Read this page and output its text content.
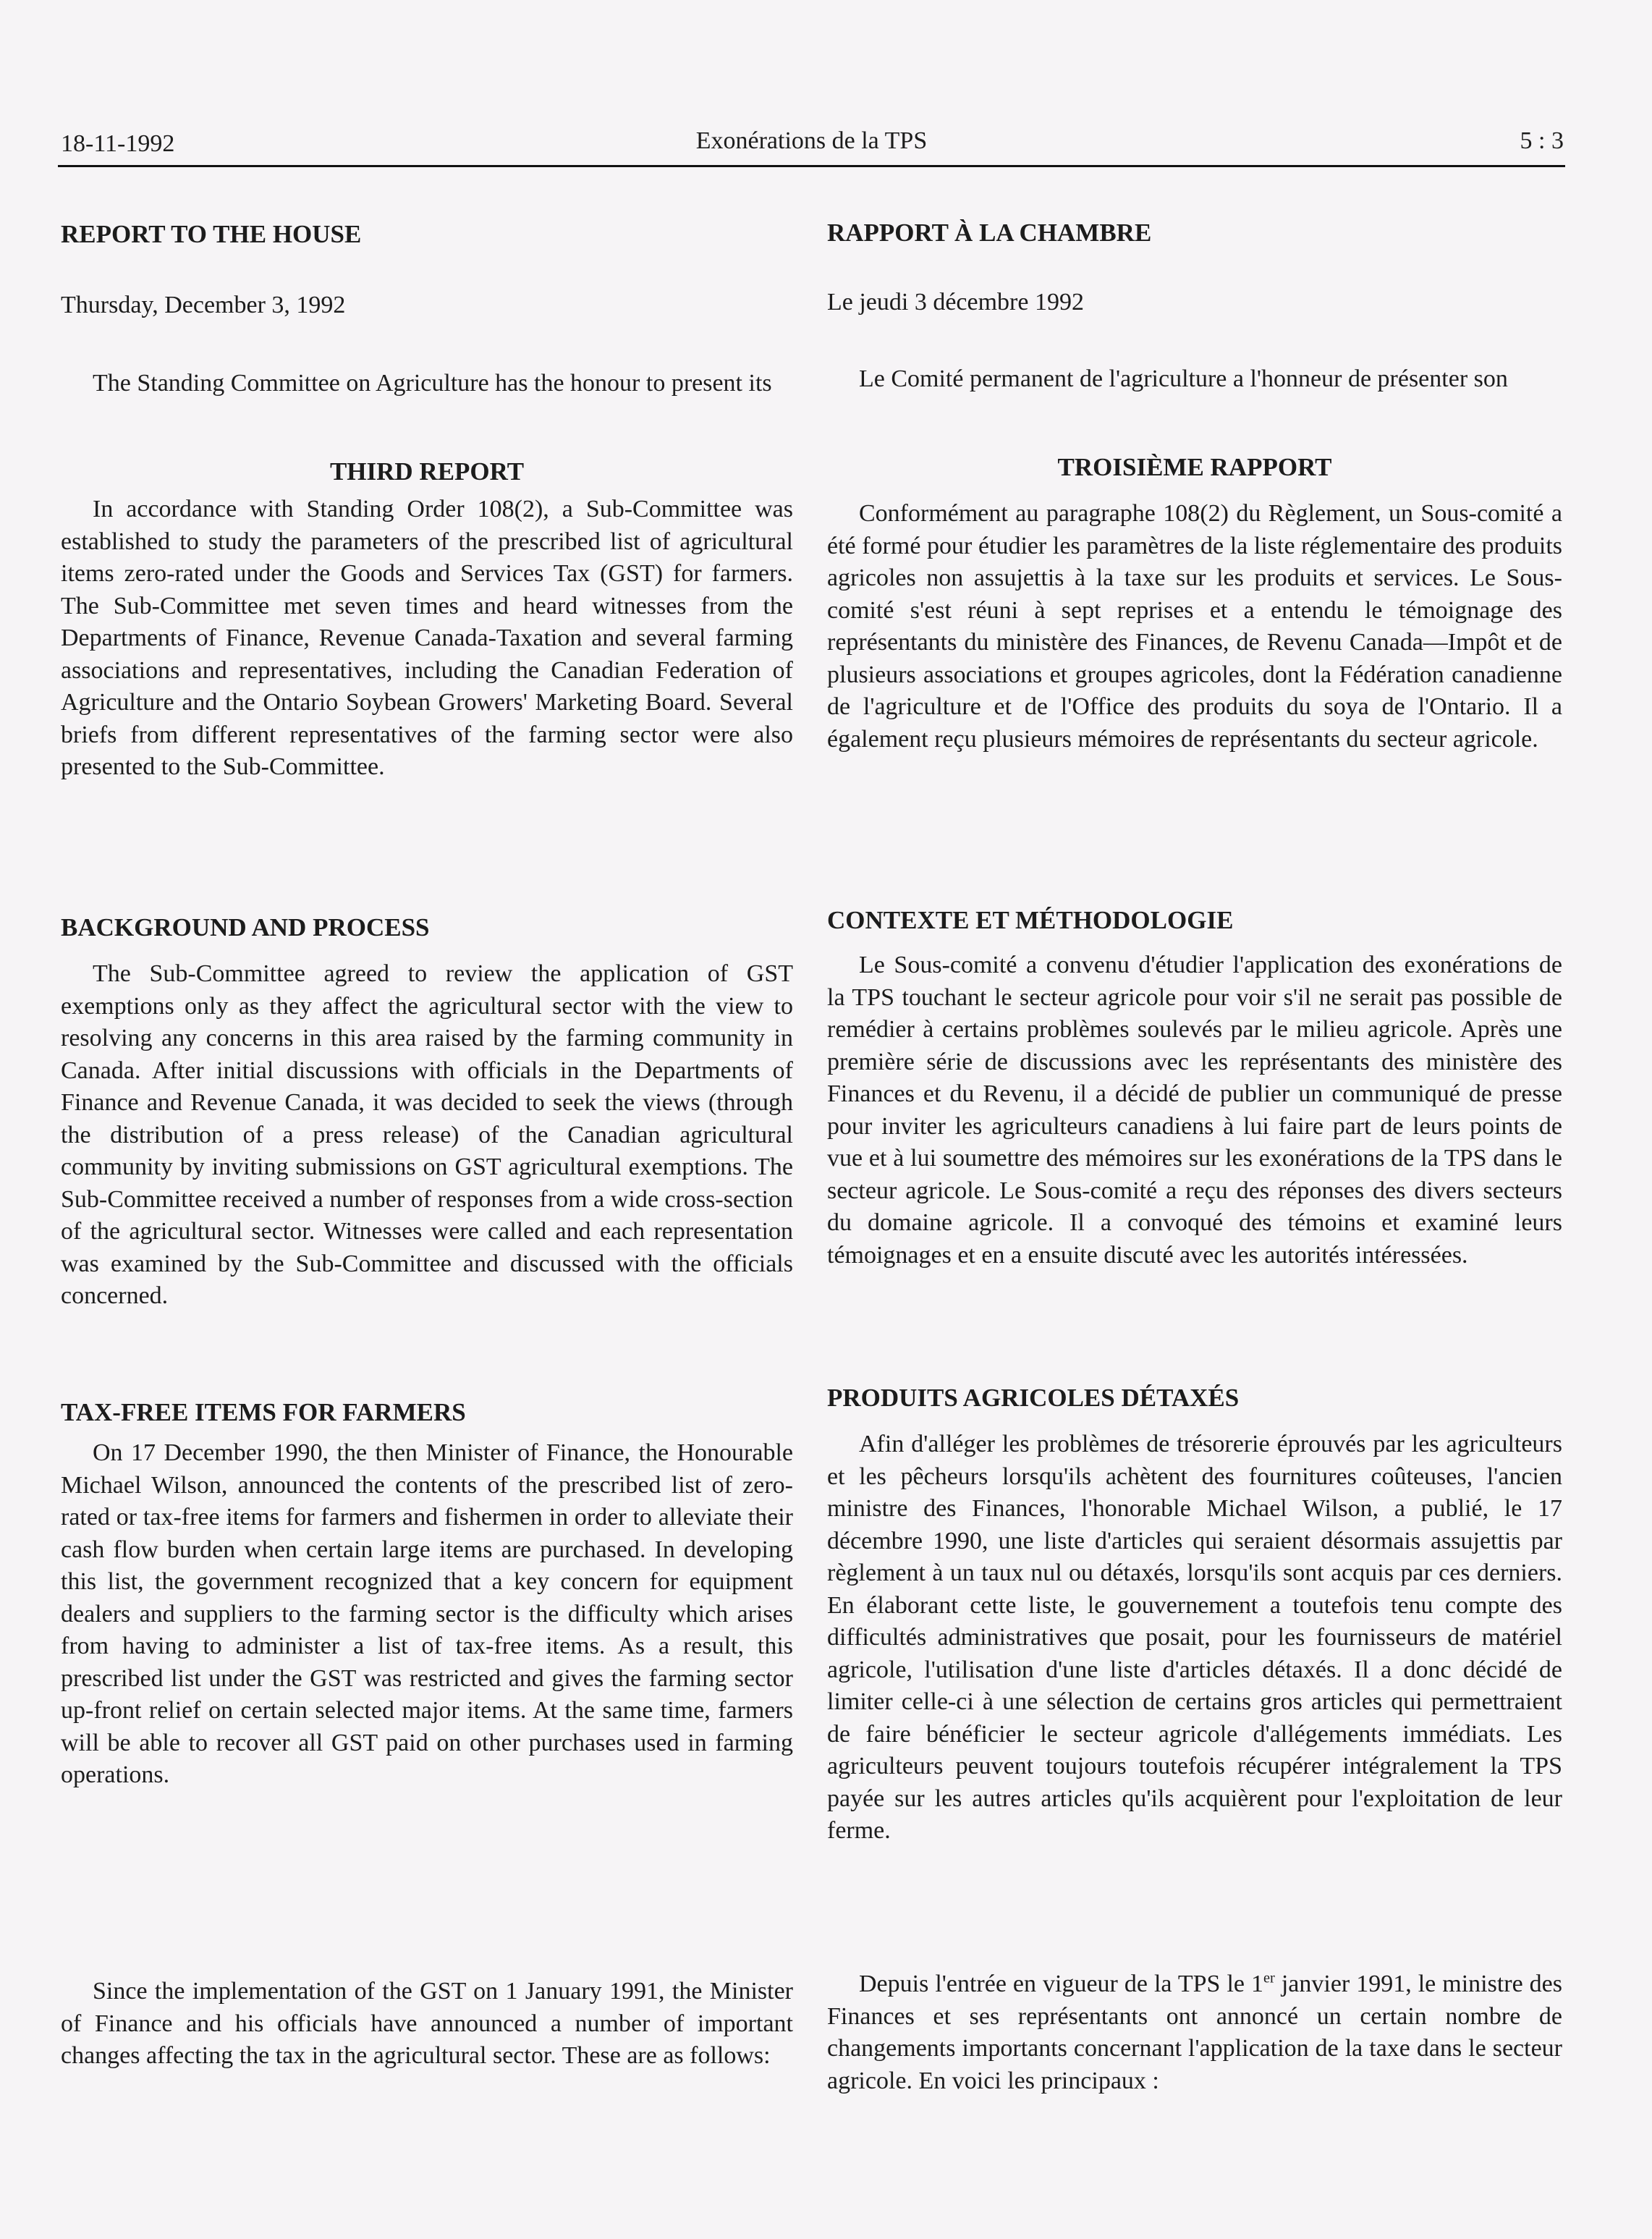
18-11-1992	Exonérations de la TPS	5 : 3

REPORT TO THE HOUSE

Thursday, December 3, 1992

The Standing Committee on Agriculture has the honour to present its

THIRD REPORT

In accordance with Standing Order 108(2), a Sub-Committee was established to study the parameters of the prescribed list of agricultural items zero-rated under the Goods and Services Tax (GST) for farmers. The Sub-Committee met seven times and heard witnesses from the Departments of Finance, Revenue Canada-Taxation and several farming associations and representatives, including the Canadian Federation of Agriculture and the Ontario Soybean Growers' Marketing Board. Several briefs from different representatives of the farming sector were also presented to the Sub-Committee.

BACKGROUND AND PROCESS

The Sub-Committee agreed to review the application of GST exemptions only as they affect the agricultural sector with the view to resolving any concerns in this area raised by the farming community in Canada. After initial discussions with officials in the Departments of Finance and Revenue Canada, it was decided to seek the views (through the distribution of a press release) of the Canadian agricultural community by inviting submissions on GST agricultural exemptions. The Sub-Committee received a number of responses from a wide cross-section of the agricultural sector. Witnesses were called and each representation was examined by the Sub-Committee and discussed with the officials concerned.

TAX-FREE ITEMS FOR FARMERS

On 17 December 1990, the then Minister of Finance, the Honourable Michael Wilson, announced the contents of the prescribed list of zero-rated or tax-free items for farmers and fishermen in order to alleviate their cash flow burden when certain large items are purchased. In developing this list, the government recognized that a key concern for equipment dealers and suppliers to the farming sector is the difficulty which arises from having to administer a list of tax-free items. As a result, this prescribed list under the GST was restricted and gives the farming sector up-front relief on certain selected major items. At the same time, farmers will be able to recover all GST paid on other purchases used in farming operations.

Since the implementation of the GST on 1 January 1991, the Minister of Finance and his officials have announced a number of important changes affecting the tax in the agricultural sector. These are as follows:

RAPPORT À LA CHAMBRE

Le jeudi 3 décembre 1992

Le Comité permanent de l'agriculture a l'honneur de présenter son

TROISIÈME RAPPORT

Conformément au paragraphe 108(2) du Règlement, un Sous-comité a été formé pour étudier les paramètres de la liste réglementaire des produits agricoles non assujettis à la taxe sur les produits et services. Le Sous-comité s'est réuni à sept reprises et a entendu le témoignage des représentants du ministère des Finances, de Revenu Canada—Impôt et de plusieurs associations et groupes agricoles, dont la Fédération canadienne de l'agriculture et de l'Office des produits du soya de l'Ontario. Il a également reçu plusieurs mémoires de représentants du secteur agricole.

CONTEXTE ET MÉTHODOLOGIE

Le Sous-comité a convenu d'étudier l'application des exonérations de la TPS touchant le secteur agricole pour voir s'il ne serait pas possible de remédier à certains problèmes soulevés par le milieu agricole. Après une première série de discussions avec les représentants des ministère des Finances et du Revenu, il a décidé de publier un communiqué de presse pour inviter les agriculteurs canadiens à lui faire part de leurs points de vue et à lui soumettre des mémoires sur les exonérations de la TPS dans le secteur agricole. Le Sous-comité a reçu des réponses des divers secteurs du domaine agricole. Il a convoqué des témoins et examiné leurs témoignages et en a ensuite discuté avec les autorités intéressées.

PRODUITS AGRICOLES DÉTAXÉS

Afin d'alléger les problèmes de trésorerie éprouvés par les agriculteurs et les pêcheurs lorsqu'ils achètent des fournitures coûteuses, l'ancien ministre des Finances, l'honorable Michael Wilson, a publié, le 17 décembre 1990, une liste d'articles qui seraient désormais assujettis par règlement à un taux nul ou détaxés, lorsqu'ils sont acquis par ces derniers. En élaborant cette liste, le gouvernement a toutefois tenu compte des difficultés administratives que posait, pour les fournisseurs de matériel agricole, l'utilisation d'une liste d'articles détaxés. Il a donc décidé de limiter celle-ci à une sélection de certains gros articles qui permettraient de faire bénéficier le secteur agricole d'allégements immédiats. Les agriculteurs peuvent toujours toutefois récupérer intégralement la TPS payée sur les autres articles qu'ils acquièrent pour l'exploitation de leur ferme.

Depuis l'entrée en vigueur de la TPS le 1er janvier 1991, le ministre des Finances et ses représentants ont annoncé un certain nombre de changements importants concernant l'application de la taxe dans le secteur agricole. En voici les principaux :
